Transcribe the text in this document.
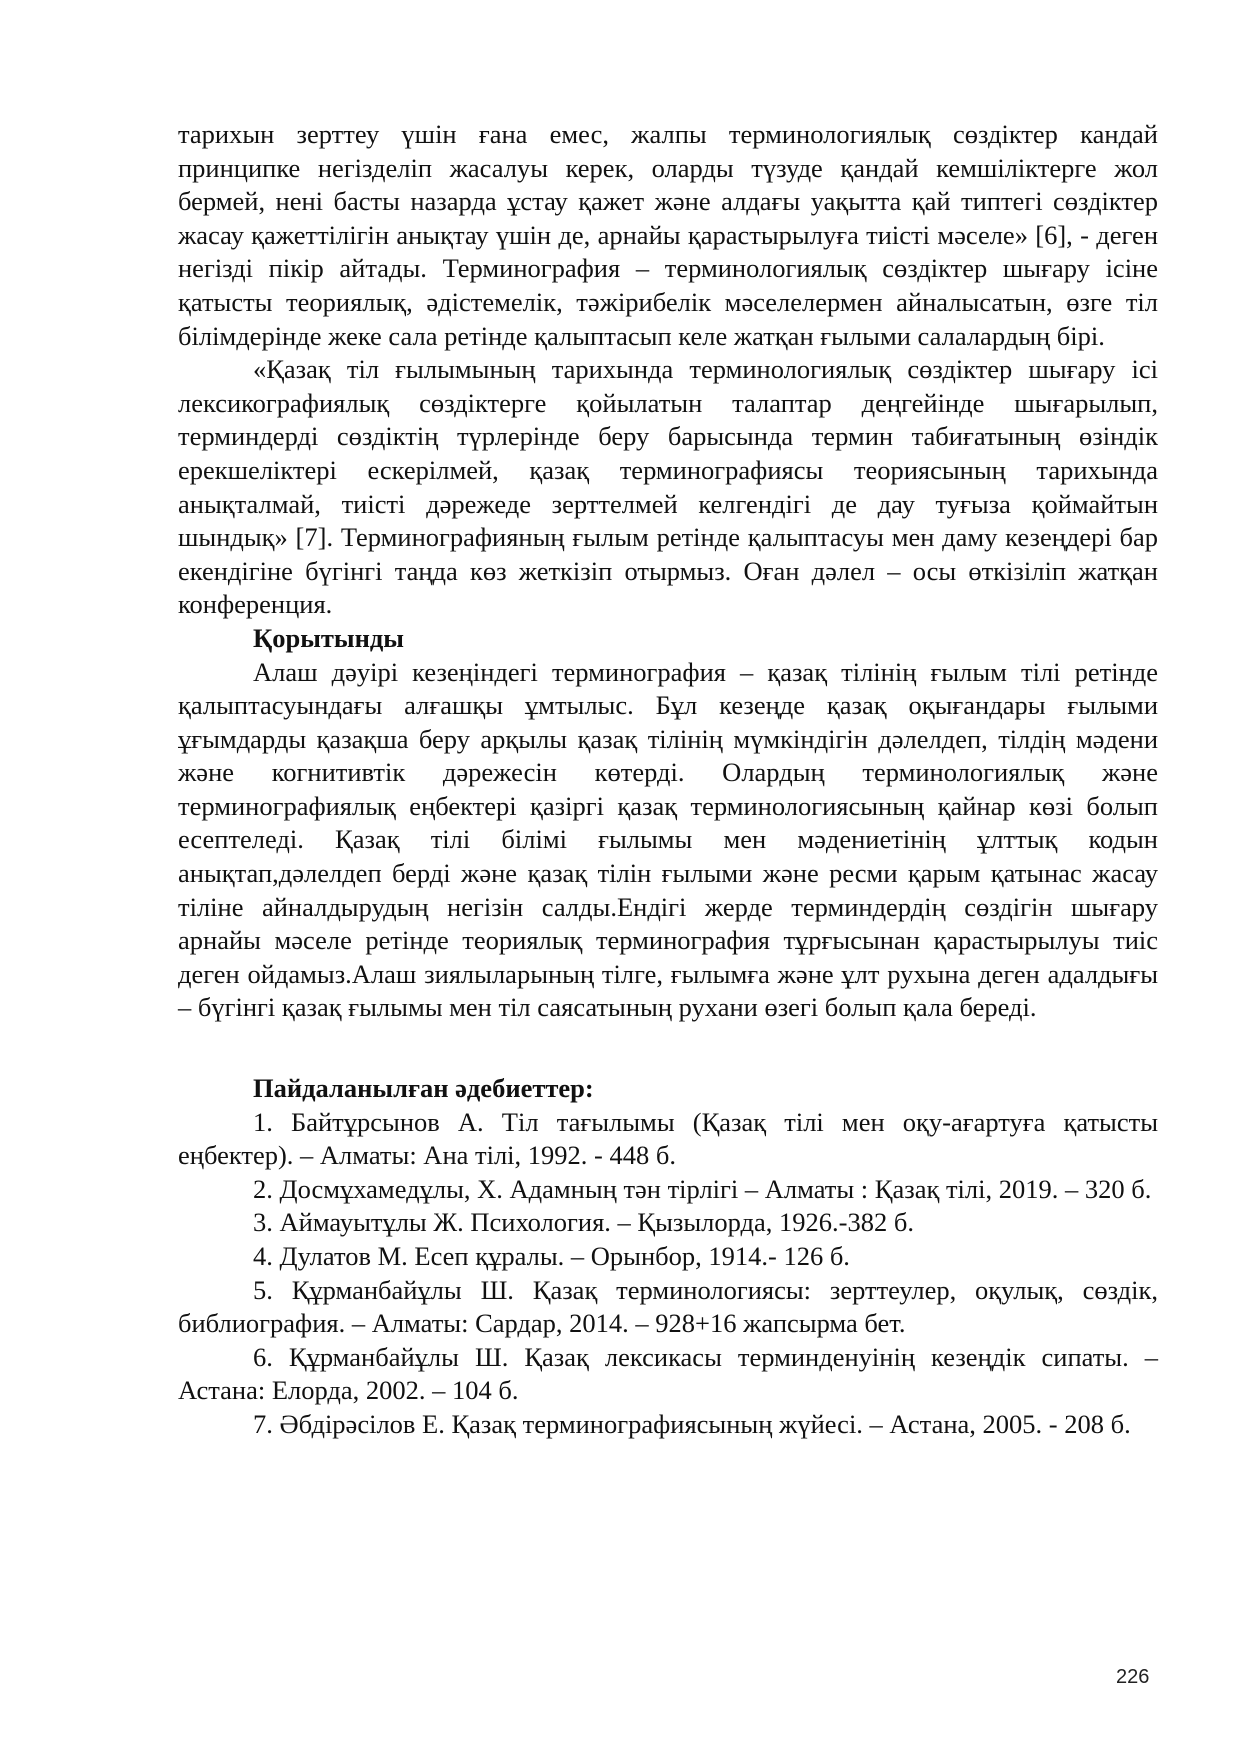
тарихын зерттеу үшін ғана емес, жалпы терминологиялық сөздіктер кандай принципке негізделіп жасалуы керек, оларды түзуде қандай кемшіліктерге жол бермей, нені басты назарда ұстау қажет және алдағы уақытта қай типтегі сөздіктер жасау қажеттілігін анықтау үшін де, арнайы қарастырылуға тиісті мәселе» [6], - деген негізді пікір айтады. Терминография – терминологиялық сөздіктер шығару ісіне қатысты теориялық, әдістемелік, тәжірибелік мәселелермен айналысатын, өзге тіл білімдерінде жеке сала ретінде қалыптасып келе жатқан ғылыми салалардың бірі.

«Қазақ тіл ғылымының тарихында терминологиялық сөздіктер шығару ісі лексикографиялық сөздіктерге қойылатын талаптар деңгейінде шығарылып, терминдерді сөздіктің түрлерінде беру барысында термин табиғатының өзіндік ерекшеліктері ескерілмей, қазақ терминографиясы теориясының тарихында анықталмай, тиісті дәрежеде зерттелмей келгендігі де дау туғыза қоймайтын шындық» [7]. Терминографияның ғылым ретінде қалыптасуы мен даму кезеңдері бар екендігіне бүгінгі таңда көз жеткізіп отырмыз. Оған дәлел – осы өткізіліп жатқан конференция.

Қорытынды

Алаш дәуірі кезеңіндегі терминография – қазақ тілінің ғылым тілі ретінде қалыптасуындағы алғашқы ұмтылыс. Бұл кезеңде қазақ оқығандары ғылыми ұғымдарды қазақша беру арқылы қазақ тілінің мүмкіндігін дәлелдеп, тілдің мәдени және когнитивтік дәрежесін көтерді. Олардың терминологиялық және терминографиялық еңбектері қазіргі қазақ терминологиясының қайнар көзі болып есептеледі. Қазақ тілі білімі ғылымы мен мәдениетінің ұлттық кодын анықтап,дәлелдеп берді және қазақ тілін ғылыми және ресми қарым қатынас жасау тіліне айналдырудың негізін салды.Ендігі жерде терминдердің сөздігін шығару арнайы мәселе ретінде теориялық терминография тұрғысынан қарастырылуы тиіс деген ойдамыз.Алаш зиялыларының тілге, ғылымға және ұлт рухына деген адалдығы – бүгінгі қазақ ғылымы мен тіл саясатының рухани өзегі болып қала береді.

Пайдаланылған әдебиеттер:

1. Байтұрсынов А. Тіл тағылымы (Қазақ тілі мен оқу-ағартуға қатысты еңбектер). – Алматы: Ана тілі, 1992. - 448 б.

2. Досмұхамедұлы, Х. Адамның тән тірлігі – Алматы : Қазақ тілі, 2019. – 320 б.

3. Аймауытұлы Ж. Психология. – Қызылорда, 1926.-382 б.

4. Дулатов М. Есеп құралы. – Орынбор, 1914.- 126 б.

5. Құрманбайұлы Ш. Қазақ терминологиясы: зерттеулер, оқулық, сөздік, библиография. – Алматы: Сардар, 2014. – 928+16 жапсырма бет.

6. Құрманбайұлы Ш. Қазақ лексикасы терминденуінің кезеңдік сипаты. – Астана: Елорда, 2002. – 104 б.

7. Әбдірәсілов Е. Қазақ терминографиясының жүйесі. – Астана, 2005. - 208 б.

226
